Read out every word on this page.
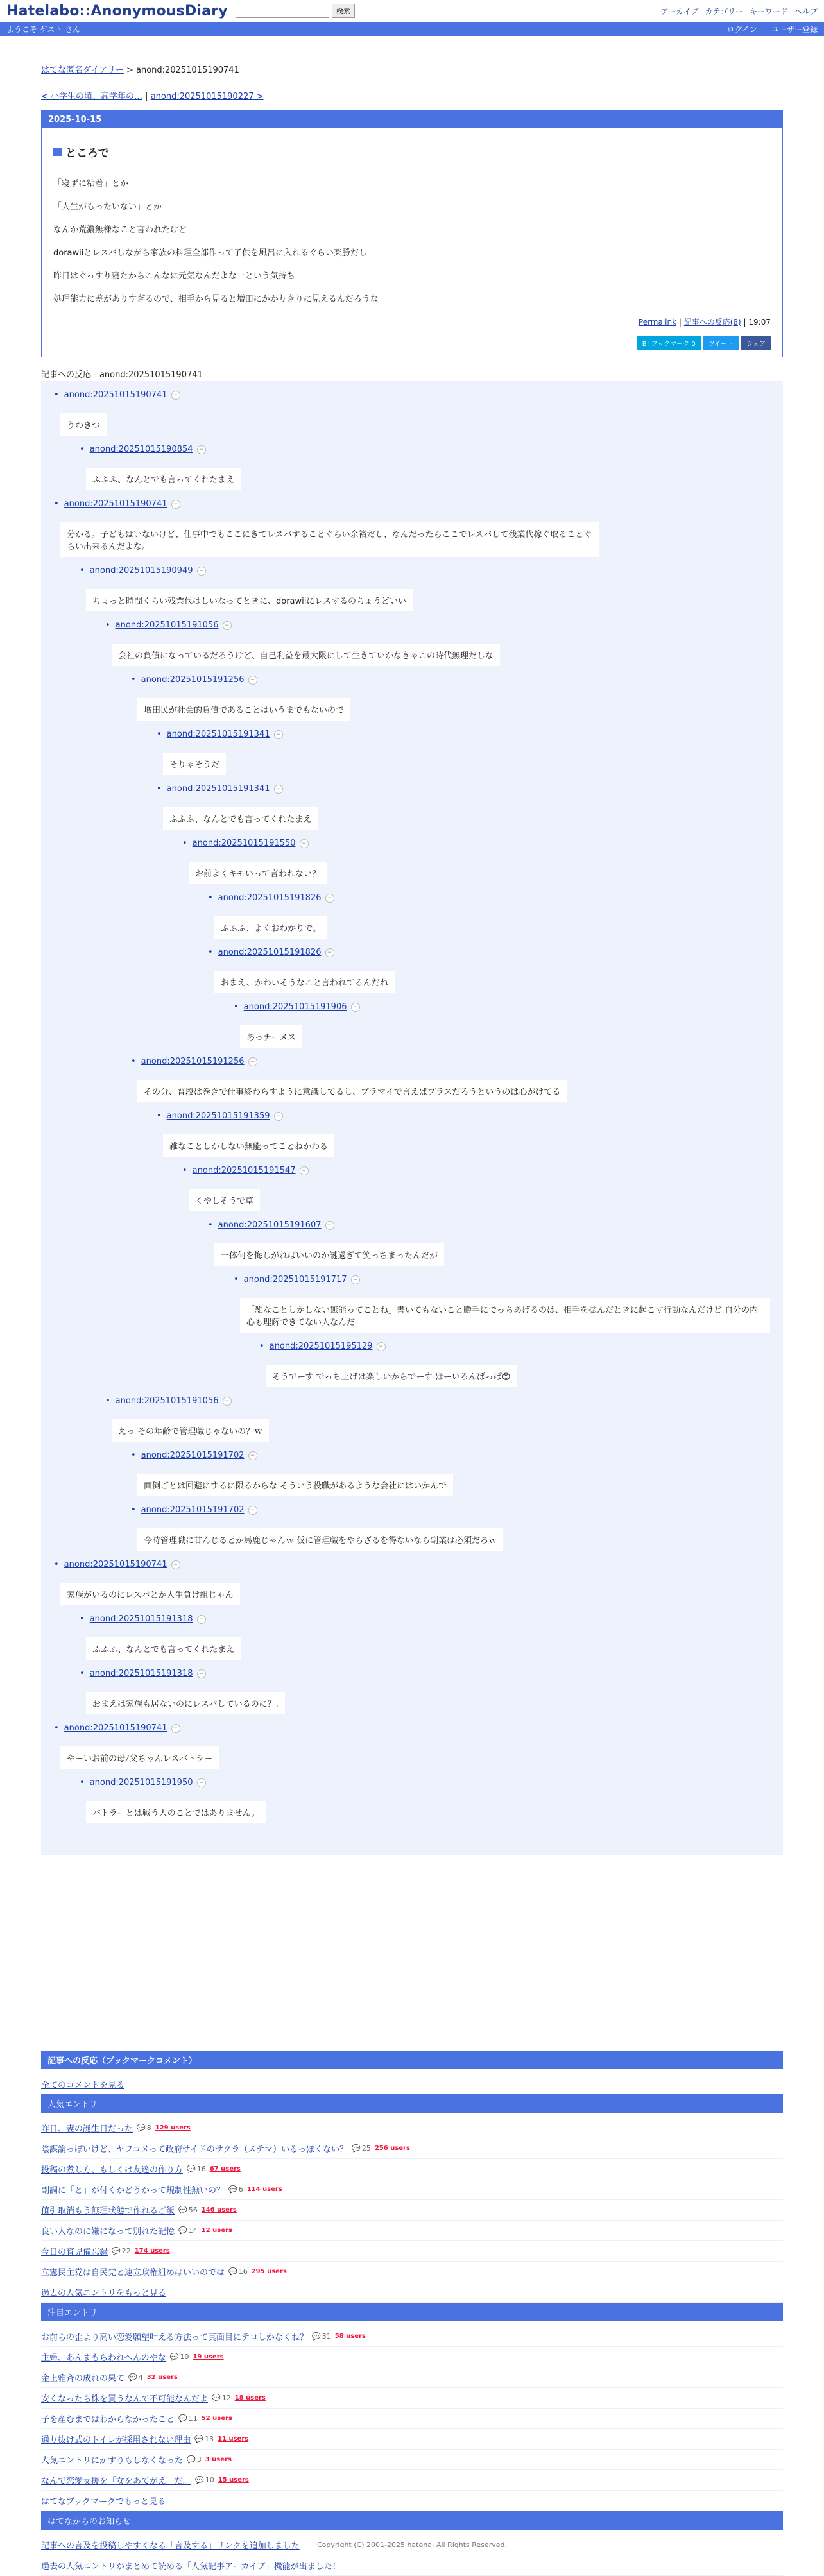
Hatelabo::AnonymousDiary	検索	アーカイブ カテゴリー キーワード ヘルプ
ようこそ ゲスト さん	ログイン ユーザー登録
はてな匿名ダイアリー > anond:20251015190741
< 小学生の頃、高学年の… | anond:20251015190227 >
2025-10-15
ところで
「寝ずに粘着」とか
「人生がもったいない」とか
なんか荒濃無様なこと言われたけど
doraw​iiとレスバしながら家族の料理全部作って子供を風呂に入れるぐらい楽勝だし
昨日はぐっすり寝たからこんなに元気なんだよな一という気持ち
処理能力に差がありすぎるので、相手から見ると増田にかかりきりに見えるんだろうな
Permalink | 記事への反応(8) | 19:07
B! ブックマーク 0	ツイート	シェア
記事への反応 - anond:20251015190741
• anond:20251015190741	−

うわきつ
• anond:20251015190854	−

ふふふ、なんとでも言ってくれたまえ
• anond:20251015190741	−

分かる。子どもはいないけど、仕事中でもここにきてレスバすることぐらい余裕だし、なんだったらここでレスバして残業代稼ぐ取ることぐらい出来るんだよな。
• anond:20251015190949	−

ちょっと時間くらい残業代はしいなってときに、doraw​iiにレスするのちょうどいい
• anond:20251015191056	−

会社の負債になっているだろうけど、自己利益を最大限にして生きていかなきゃこの時代無理だしな
• anond:20251015191256	−

増田民が社会的負債であることはいうまでもないので
• anond:20251015191341	−

そりゃそうだ
• anond:20251015191341	−

ふふふ、なんとでも言ってくれたまえ
• anond:20251015191550	−

お前よくキモいって言われない？
• anond:20251015191826	−

ふふふ、よくおわかりで。
• anond:20251015191826	−

おまえ、かわいそうなこと言われてるんだね
• anond:20251015191906	−

あっチーメス
• anond:20251015191256	−

その分、普段は巻きで仕事終わらすように意識してるし、プラマイで言えばプラスだろうというのは心がけてる
• anond:20251015191359	−

雑なことしかしない無能ってことねかわる
• anond:20251015191547	−

くやしそうで草
• anond:20251015191607	−

一体何を悔しがればいいのか謎過ぎて笑っちまったんだが
• anond:20251015191717	−

「雑なことしかしない無能ってことね」書いてもないこと勝手にでっちあげるのは、相手を拡んだときに起こす行動なんだけど 自分の内心も理解できてない人なんだ
• anond:20251015195129	−

そうでーす でっち上げは楽しいからでーす ほーいろんばっぱ😊
• anond:20251015191056	−

えっ その年齢で管理職じゃないの？ｗ
• anond:20251015191702	−

面倒ごとは回避にするに限るからな そういう役職があるような会社にはいかんで
• anond:20251015191702	−

今時管理職に甘んじるとか馬鹿じゃんｗ 仮に管理職をやらざるを得ないなら副業は必須だろｗ
• anond:20251015190741	−

家族がいるのにレスバとか人生負け組じゃん
• anond:20251015191318	−

ふふふ、なんとでも言ってくれたまえ
• anond:20251015191318	−

おまえは家族も居ないのにレスバしているのに？.
• anond:20251015190741	−

やーいお前の母ﾉ父ちゃんレスバトラー
• anond:20251015191950	−

バトラーとは戦う人のことではありません。
記事への反応（ブックマークコメント）
全てのコメントを見る
人気エントリ
昨日、妻の誕生日だった	💬 8 129 users
陰謀論っぽいけど、ヤフコメって政府サイドのサクラ（ステマ）いるっぽくない？	💬 25 256 users
投稿の煮し方、もしくは友達の作り方	💬 16 67 users
副調に「と」が付くかどうかって規制性無いの？	💬 6 114 users
値引取消もう無理状態で作れるご飯	💬 56 146 users
良い人なのに嫌になって別れた記憶	💬 14 12 users
今日の育児備忘録	💬 22 174 users
立憲民主党は自民党と連立政権組めばいいのでは	💬 16 295 users
過去の人気エントリをもっと見る
注目エントリ
お前らの歪より高い恋愛願望叶える方法って真面目にテロしかなくね？	💬 31 58 users
主婦、あんまもらわれへんのやな	💬 10 19 users
金上雅斉の成れの果て	💬 4 32 users
安くなったら株を買うなんて不可能なんだよ	💬 12 18 users
子を産むまではわからなかったこと	💬 11 52 users
通り抜け式のトイレが採用されない理由	💬 13 11 users
人気エントリにかすりもしなくなった	💬 3 3 users
なんで恋愛支援を「女をあてがえ」だ。	💬 10 15 users
はてなブックマークでもっと見る
はてなからのお知らせ
記事への言及を投稿しやすくなる「言及する」リンクを追加しました
過去の人気エントリがまとめて読める「人気記事アーカイブ」機能が出ました！
Copyright (C) 2001-2025 hatena. All Rights Reserved.
